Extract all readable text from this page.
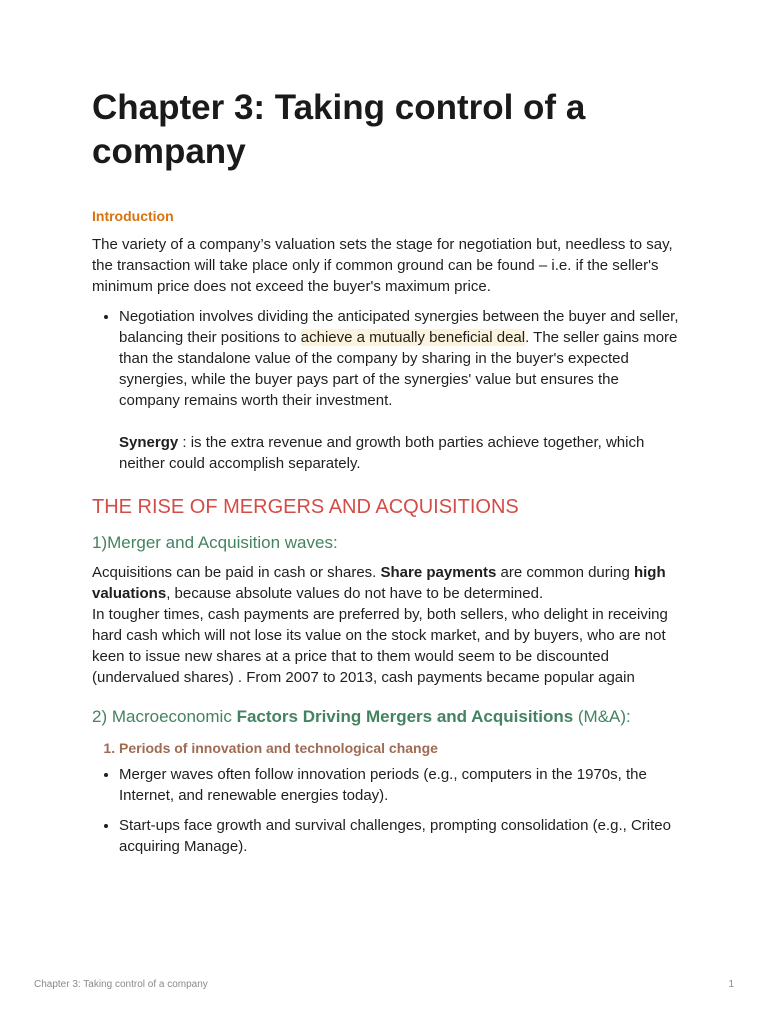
Chapter 3: Taking control of a company
Introduction

The variety of a company’s valuation sets the stage for negotiation but, needless to say, the transaction will take place only if common ground can be found – i.e. if the seller's minimum price does not exceed the buyer's maximum price.

• Negotiation involves dividing the anticipated synergies between the buyer and seller, balancing their positions to achieve a mutually beneficial deal. The seller gains more than the standalone value of the company by sharing in the buyer's expected synergies, while the buyer pays part of the synergies' value but ensures the company remains worth their investment.
Synergy : is the extra revenue and growth both parties achieve together, which neither could accomplish separately.
THE RISE OF MERGERS AND ACQUISITIONS
1)Merger and Acquisition waves:

Acquisitions can be paid in cash or shares. Share payments are common during high valuations, because absolute values do not have to be determined.

In tougher times, cash payments are preferred by, both sellers, who delight in receiving hard cash which will not lose its value on the stock market, and by buyers, who are not keen to issue new shares at a price that to them would seem to be discounted (undervalued shares) . From 2007 to 2013, cash payments became popular again

2) Macroeconomic Factors Driving Mergers and Acquisitions (M&A):
1. Periods of innovation and technological change
• Merger waves often follow innovation periods (e.g., computers in the 1970s, the Internet, and renewable energies today).
• Start-ups face growth and survival challenges, prompting consolidation (e.g., Criteo acquiring Manage).
Chapter 3: Taking control of a company	1
